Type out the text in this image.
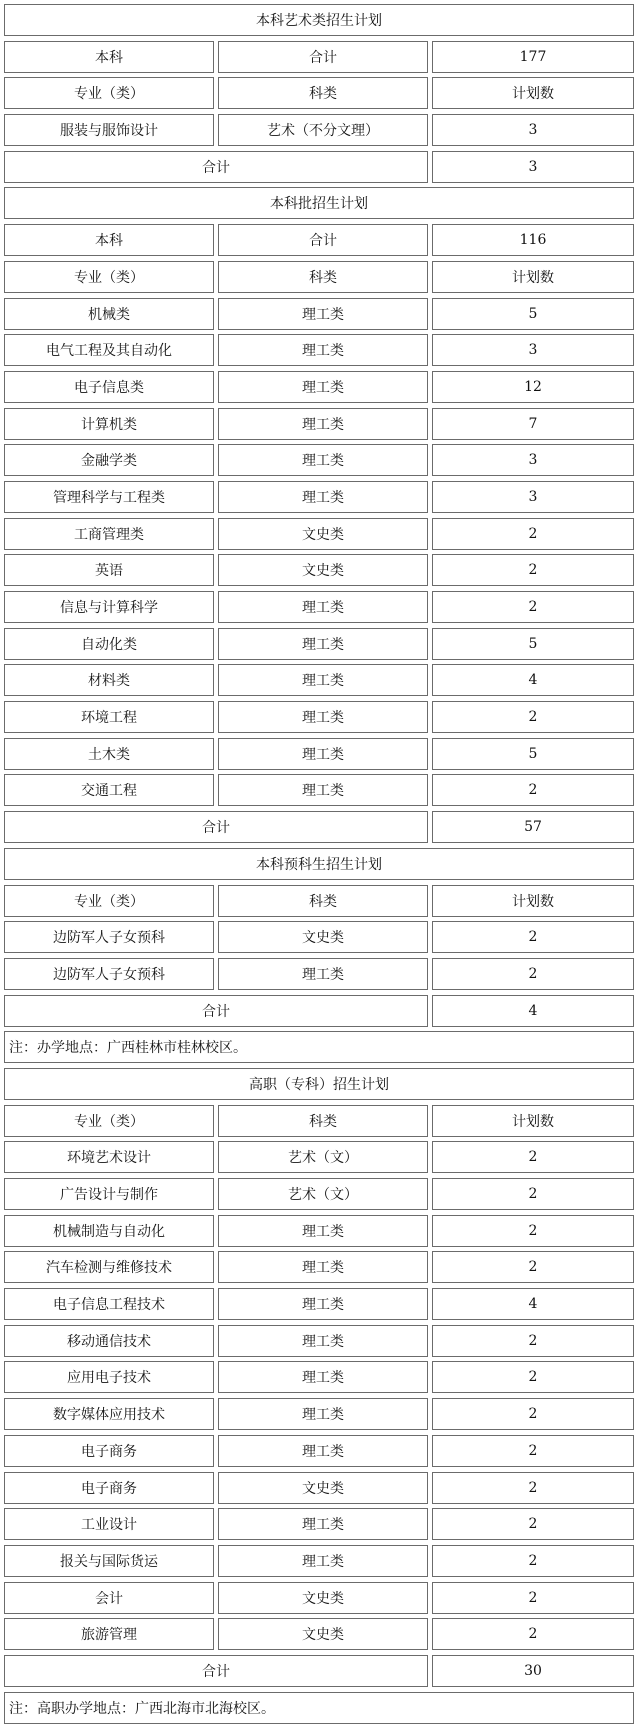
本科艺术类招生计划
本科	合计	177
专业（类）	科类	计划数
服装与服饰设计	艺术（不分文理）	3
合计	3
本科批招生计划
本科	合计	116
专业（类）	科类	计划数
机械类	理工类	5
电气工程及其自动化	理工类	3
电子信息类	理工类	12
计算机类	理工类	7
金融学类	理工类	3
管理科学与工程类	理工类	3
工商管理类	文史类	2
英语	文史类	2
信息与计算科学	理工类	2
自动化类	理工类	5
材料类	理工类	4
环境工程	理工类	2
土木类	理工类	5
交通工程	理工类	2
合计	57
本科预科生招生计划
专业（类）	科类	计划数
边防军人子女预科	文史类	2
边防军人子女预科	理工类	2
合计	4
注：办学地点：广西桂林市桂林校区。
高职（专科）招生计划
专业（类）	科类	计划数
环境艺术设计	艺术（文）	2
广告设计与制作	艺术（文）	2
机械制造与自动化	理工类	2
汽车检测与维修技术	理工类	2
电子信息工程技术	理工类	4
移动通信技术	理工类	2
应用电子技术	理工类	2
数字媒体应用技术	理工类	2
电子商务	理工类	2
电子商务	文史类	2
工业设计	理工类	2
报关与国际货运	理工类	2
会计	文史类	2
旅游管理	文史类	2
合计	30
注：高职办学地点：广西北海市北海校区。
